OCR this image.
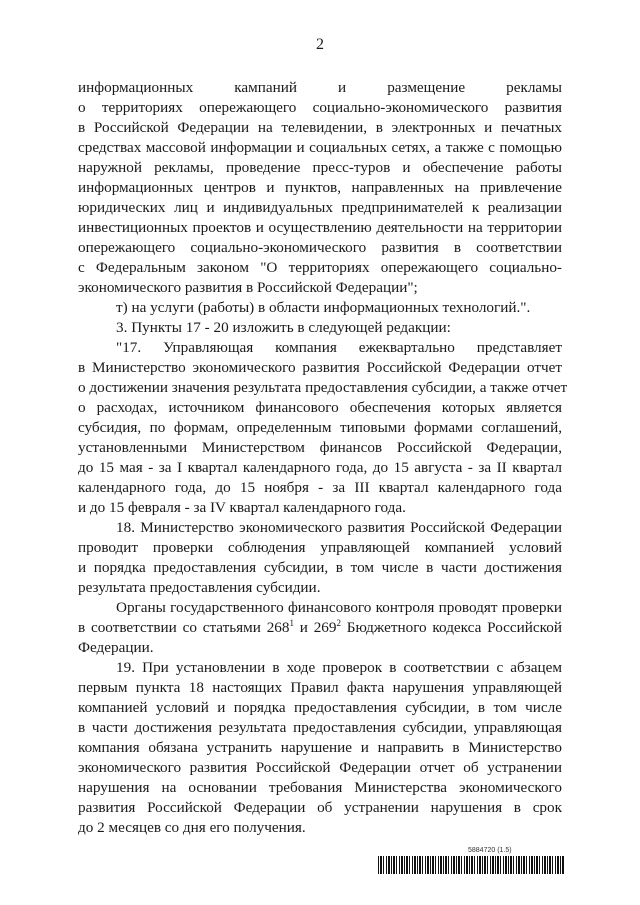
2
информационных кампаний и размещение рекламы
о территориях опережающего социально-экономического развития
в Российской Федерации на телевидении, в электронных и печатных
средствах массовой информации и социальных сетях, а также с помощью
наружной рекламы, проведение пресс-туров и обеспечение работы
информационных центров и пунктов, направленных на привлечение
юридических лиц и индивидуальных предпринимателей к реализации
инвестиционных проектов и осуществлению деятельности на территории
опережающего социально-экономического развития в соответствии
с Федеральным законом "О территориях опережающего социально-
экономического развития в Российской Федерации";
т) на услуги (работы) в области информационных технологий.".
3. Пункты 17 - 20 изложить в следующей редакции:
"17. Управляющая компания ежеквартально представляет
в Министерство экономического развития Российской Федерации отчет
о достижении значения результата предоставления субсидии, а также отчет
о расходах, источником финансового обеспечения которых является
субсидия, по формам, определенным типовыми формами соглашений,
установленными Министерством финансов Российской Федерации,
до 15 мая - за I квартал календарного года, до 15 августа - за II квартал
календарного года, до 15 ноября - за III квартал календарного года
и до 15 февраля - за IV квартал календарного года.
18. Министерство экономического развития Российской Федерации
проводит проверки соблюдения управляющей компанией условий
и порядка предоставления субсидии, в том числе в части достижения
результата предоставления субсидии.
Органы государственного финансового контроля проводят проверки
в соответствии со статьями $268^1$ и $269^2$ Бюджетного кодекса Российской
Федерации.
19. При установлении в ходе проверок в соответствии с абзацем
первым пункта 18 настоящих Правил факта нарушения управляющей
компанией условий и порядка предоставления субсидии, в том числе
в части достижения результата предоставления субсидии, управляющая
компания обязана устранить нарушение и направить в Министерство
экономического развития Российской Федерации отчет об устранении
нарушения на основании требования Министерства экономического
развития Российской Федерации об устранении нарушения в срок
до 2 месяцев со дня его получения.
5884720 (1.5)
